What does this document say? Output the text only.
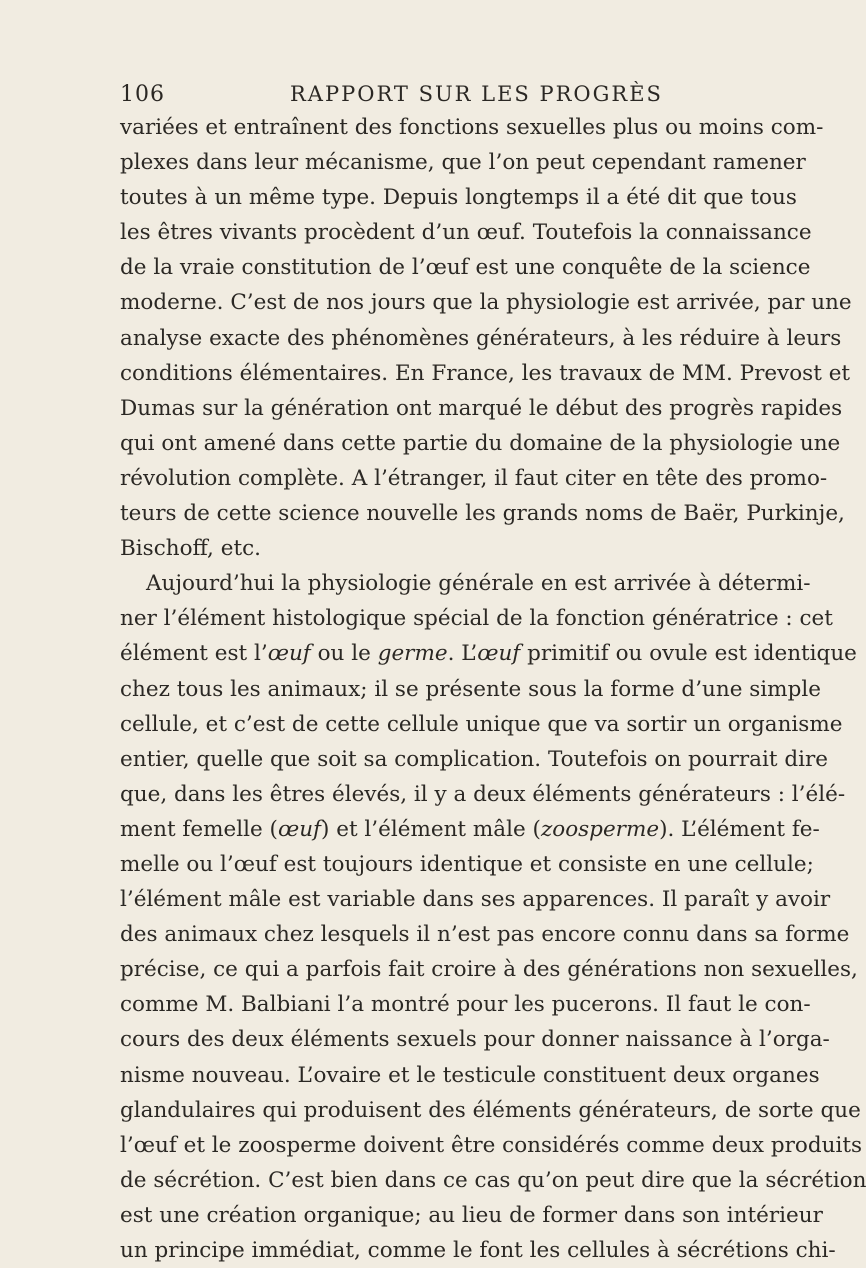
106	RAPPORT SUR LES PROGRÈS
variées et entraînent des fonctions sexuelles plus ou moins com-
plexes dans leur mécanisme, que l’on peut cependant ramener
toutes à un même type. Depuis longtemps il a été dit que tous
les êtres vivants procèdent d’un œuf. Toutefois la connaissance
de la vraie constitution de l’œuf est une conquête de la science
moderne. C’est de nos jours que la physiologie est arrivée, par une
analyse exacte des phénomènes générateurs, à les réduire à leurs
conditions élémentaires. En France, les travaux de MM. Prevost et
Dumas sur la génération ont marqué le début des progrès rapides
qui ont amené dans cette partie du domaine de la physiologie une
révolution complète. A l’étranger, il faut citer en tête des promo-
teurs de cette science nouvelle les grands noms de Baër, Purkinje,
Bischoff, etc.
Aujourd’hui la physiologie générale en est arrivée à détermi-
ner l’élément histologique spécial de la fonction génératrice : cet
élément est l’œuf ou le germe. L’œuf primitif ou ovule est identique
chez tous les animaux; il se présente sous la forme d’une simple
cellule, et c’est de cette cellule unique que va sortir un organisme
entier, quelle que soit sa complication. Toutefois on pourrait dire
que, dans les êtres élevés, il y a deux éléments générateurs : l’élé-
ment femelle (œuf) et l’élément mâle (zoosperme). L’élément fe-
melle ou l’œuf est toujours identique et consiste en une cellule;
l’élément mâle est variable dans ses apparences. Il paraît y avoir
des animaux chez lesquels il n’est pas encore connu dans sa forme
précise, ce qui a parfois fait croire à des générations non sexuelles,
comme M. Balbiani l’a montré pour les pucerons. Il faut le con-
cours des deux éléments sexuels pour donner naissance à l’orga-
nisme nouveau. L’ovaire et le testicule constituent deux organes
glandulaires qui produisent des éléments générateurs, de sorte que
l’œuf et le zoosperme doivent être considérés comme deux produits
de sécrétion. C’est bien dans ce cas qu’on peut dire que la sécrétion
est une création organique; au lieu de former dans son intérieur
un principe immédiat, comme le font les cellules à sécrétions chi-
